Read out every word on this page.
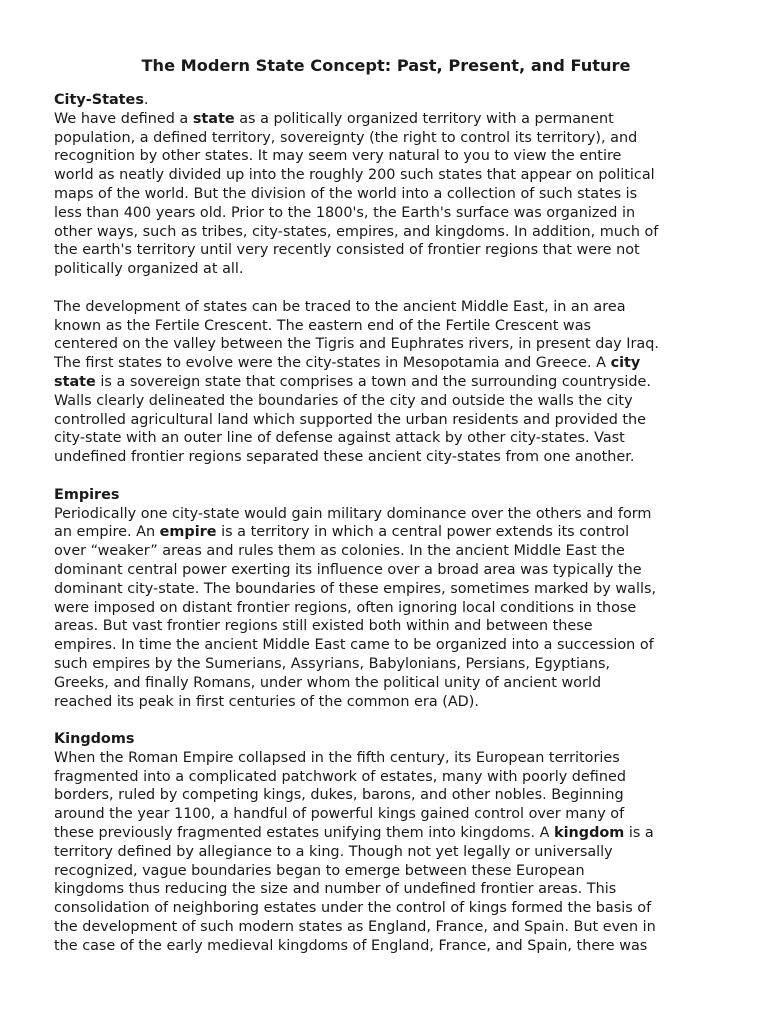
The Modern State Concept: Past, Present, and Future
City-States.
We have defined a state as a politically organized territory with a permanent
population, a defined territory, sovereignty (the right to control its territory), and
recognition by other states. It may seem very natural to you to view the entire
world as neatly divided up into the roughly 200 such states that appear on political
maps of the world. But the division of the world into a collection of such states is
less than 400 years old. Prior to the 1800's, the Earth's surface was organized in
other ways, such as tribes, city-states, empires, and kingdoms. In addition, much of
the earth's territory until very recently consisted of frontier regions that were not
politically organized at all.
The development of states can be traced to the ancient Middle East, in an area
known as the Fertile Crescent. The eastern end of the Fertile Crescent was
centered on the valley between the Tigris and Euphrates rivers, in present day Iraq.
The first states to evolve were the city-states in Mesopotamia and Greece. A city
state is a sovereign state that comprises a town and the surrounding countryside.
Walls clearly delineated the boundaries of the city and outside the walls the city
controlled agricultural land which supported the urban residents and provided the
city-state with an outer line of defense against attack by other city-states. Vast
undefined frontier regions separated these ancient city-states from one another.
Empires
Periodically one city-state would gain military dominance over the others and form
an empire. An empire is a territory in which a central power extends its control
over “weaker” areas and rules them as colonies. In the ancient Middle East the
dominant central power exerting its influence over a broad area was typically the
dominant city-state. The boundaries of these empires, sometimes marked by walls,
were imposed on distant frontier regions, often ignoring local conditions in those
areas. But vast frontier regions still existed both within and between these
empires. In time the ancient Middle East came to be organized into a succession of
such empires by the Sumerians, Assyrians, Babylonians, Persians, Egyptians,
Greeks, and finally Romans, under whom the political unity of ancient world
reached its peak in first centuries of the common era (AD).
Kingdoms
When the Roman Empire collapsed in the fifth century, its European territories
fragmented into a complicated patchwork of estates, many with poorly defined
borders, ruled by competing kings, dukes, barons, and other nobles. Beginning
around the year 1100, a handful of powerful kings gained control over many of
these previously fragmented estates unifying them into kingdoms. A kingdom is a
territory defined by allegiance to a king. Though not yet legally or universally
recognized, vague boundaries began to emerge between these European
kingdoms thus reducing the size and number of undefined frontier areas. This
consolidation of neighboring estates under the control of kings formed the basis of
the development of such modern states as England, France, and Spain. But even in
the case of the early medieval kingdoms of England, France, and Spain, there was
